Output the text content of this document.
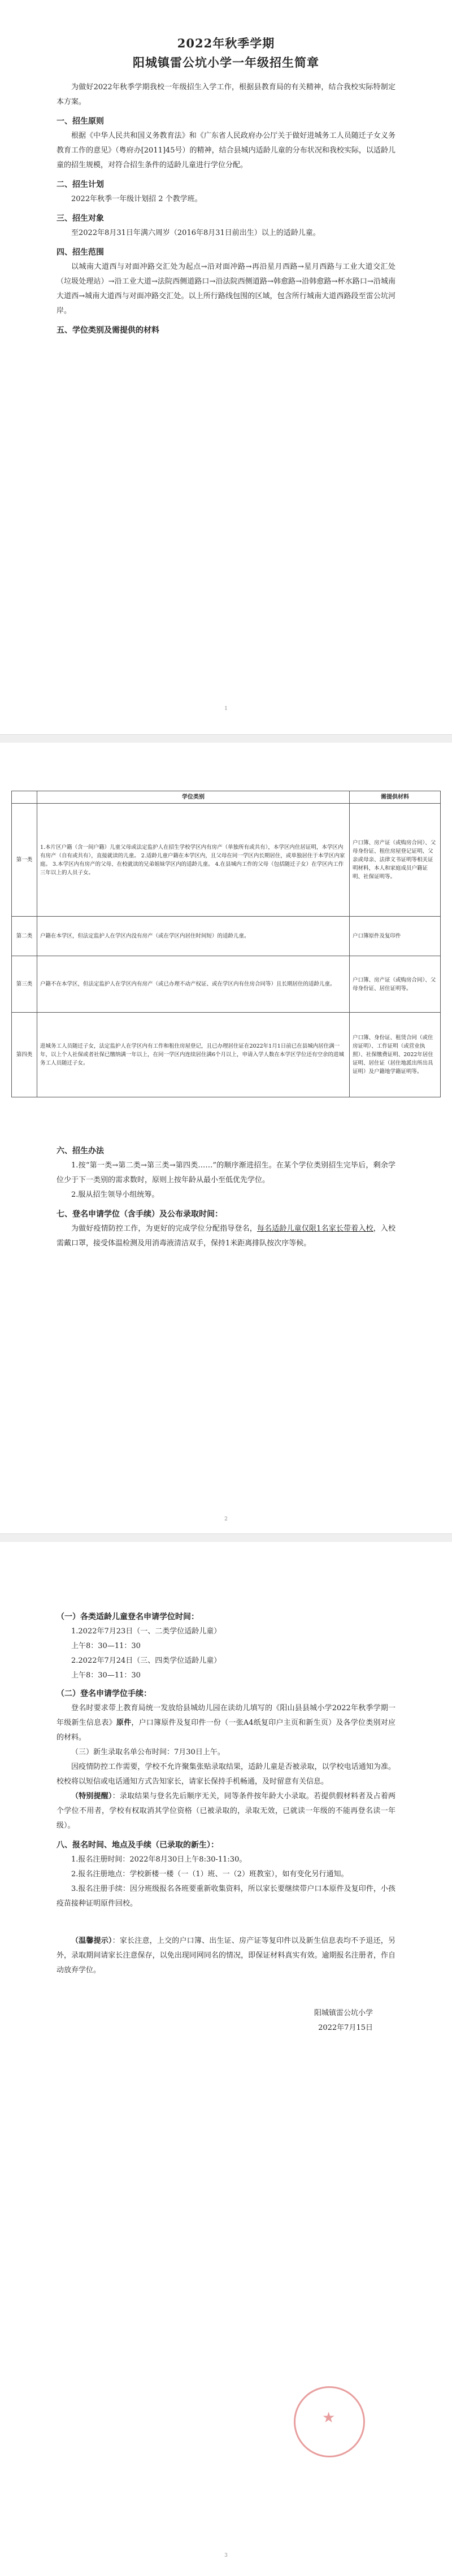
2022年秋季学期
阳城镇雷公坑小学一年级招生简章

为做好2022年秋季学期我校一年级招生入学工作，根据县教育局的有关精神，结合我校实际特制定本方案。

一、招生原则

根据《中华人民共和国义务教育法》和《广东省人民政府办公厅关于做好进城务工人员随迁子女义务教育工作的意见》（粤府办[2011]45号）的精神，结合县城内适龄儿童的分布状况和我校实际，以适龄儿童的招生规模，对符合招生条件的适龄儿童进行学位分配。

二、招生计划

2022年秋季一年级计划招 2 个教学班。

三、招生对象

至2022年8月31日年满六周岁（2016年8月31日前出生）以上的适龄儿童。

四、招生范围

以城南大道西与对面冲路交汇处为起点→沿对面冲路→再沿星月西路→星月西路与工业大道交汇处（垃圾处理站）→沿工业大道→法院西侧道路口→沿法院西侧道路→韩愈路→沿韩愈路→杯水路口→沿城南大道西→城南大道西与对面冲路交汇处。以上所行路线包围的区域，包含所行城南大道西路段至雷公坑河岸。

五、学位类别及需提供的材料
1
	学位类别	需提供材料
第一类	1.本片区户籍（含一间户籍）儿童父母或法定监护人在招生学校学区内有房产（单独所有或共有），本学区内住居证明，本学区内有房产（自有或共有），直接就读的儿童。 2.适龄儿童户籍在本学区内，且父母在同一学区内长期居住，或单独居住于本学区内家庭。 3.本学区内有房产的父母、在校就读的兄弟姐妹学区内的适龄儿童。 4.在县城内工作的父母（包括随迁子女）在学区内工作三年以上的人员子女。	户口簿、房产证（或购房合同）、父母身份证、租住房屋登记证明、父亲或母亲、法律文书证明等相关证明材料，本人和家庭成员户籍证明、社保证明等。
第二类	户籍在本学区，但法定监护人在学区内没有房产（或在学区内居住时间短）的适龄儿童。	户口簿原件及复印件
第三类	户籍不在本学区，但法定监护人在学区内有房产（或已办理不动产权证、或在学区内有住房合同等）且长期居住的适龄儿童。	户口簿、房产证（或购房合同）、父母身份证、居住证明等。
第四类	进城务工人员随迁子女，法定监护人在学区内有工作和租住房屋登记，且已办理居住证在2022年1月1日前已在县城内居住满一年，以上个人社保或者社保已缴纳满一年以上，在同一学区内连续居住满6个月以上，申请入学人数在本学区学位还有空余的进城务工人员随迁子女。	户口簿、身份证、租赁合同（或住房证明）、工作证明（或营业执照）、社保缴费证明、2022年居住证明、居住证（居住地派出所出具证明）及户籍地学籍证明等。
六、招生办法

1.按“第一类→第二类→第三类→第四类……”的顺序渐进招生。在某个学位类别招生完毕后，剩余学位少于下一类别的需求数时，原则上按年龄从最小至低优先学位。

2.服从招生领导小组统筹。

七、登名申请学位（含手续）及公布录取时间：

为做好疫情防控工作，为更好的完成学位分配指导登名，每名适龄儿童仅限1名家长带着入校，入校需戴口罩，接受体温检测及用消毒液清洁双手，保持1米距离排队按次序等候。

2
（一）各类适龄儿童登名申请学位时间：

1.2022年7月23日（一、二类学位适龄儿童）

上午8：30—11：30

2.2022年7月24日（三、四类学位适龄儿童）

上午8：30—11：30

（二）登名申请学位手续：

登名时要求带上教育局统一发放给县城幼儿园在读幼儿填写的《阳山县县城小学2022年秋季学期一年级新生信息表》原件，户口簿原件及复印件一份（一张A4纸复印户主页和新生页）及各学位类别对应的材料。

（三）新生录取名单公布时间：7月30日上午。

因疫情防控工作需要，学校不允许聚集张贴录取结果，适龄儿童是否被录取，以学校电话通知为准。校校将以短信或电话通知方式告知家长，请家长保持手机畅通，及时留意有关信息。

（特别提醒）：录取结果与登名先后顺序无关，同等条件按年龄大小录取。若提供假材料者及占着两个学位不用者，学校有权取消其学位资格（已被录取的，录取无效，已就读一年级的不能再登名读一年级）。

八、报名时间、地点及手续（已录取的新生）：

1.报名注册时间：2022年8月30日上午8:30-11:30。

2.报名注册地点：学校新楼一楼（一（1）班、一（2）班教室），如有变化另行通知。

3.报名注册手续：因分班级报名各班要重新收集资料，所以家长要继续带户口本原件及复印件，小孩疫苗接种证明原件回校。

（温馨提示）：家长注意，上交的户口簿、出生证、房产证等复印件以及新生信息表均不予退还，另外，录取期间请家长注意保存，以免出现同网同名的情况，即保证材料真实有效。逾期报名注册者，作自动放弃学位。

阳城镇雷公坑小学
2022年7月15日
3
★
